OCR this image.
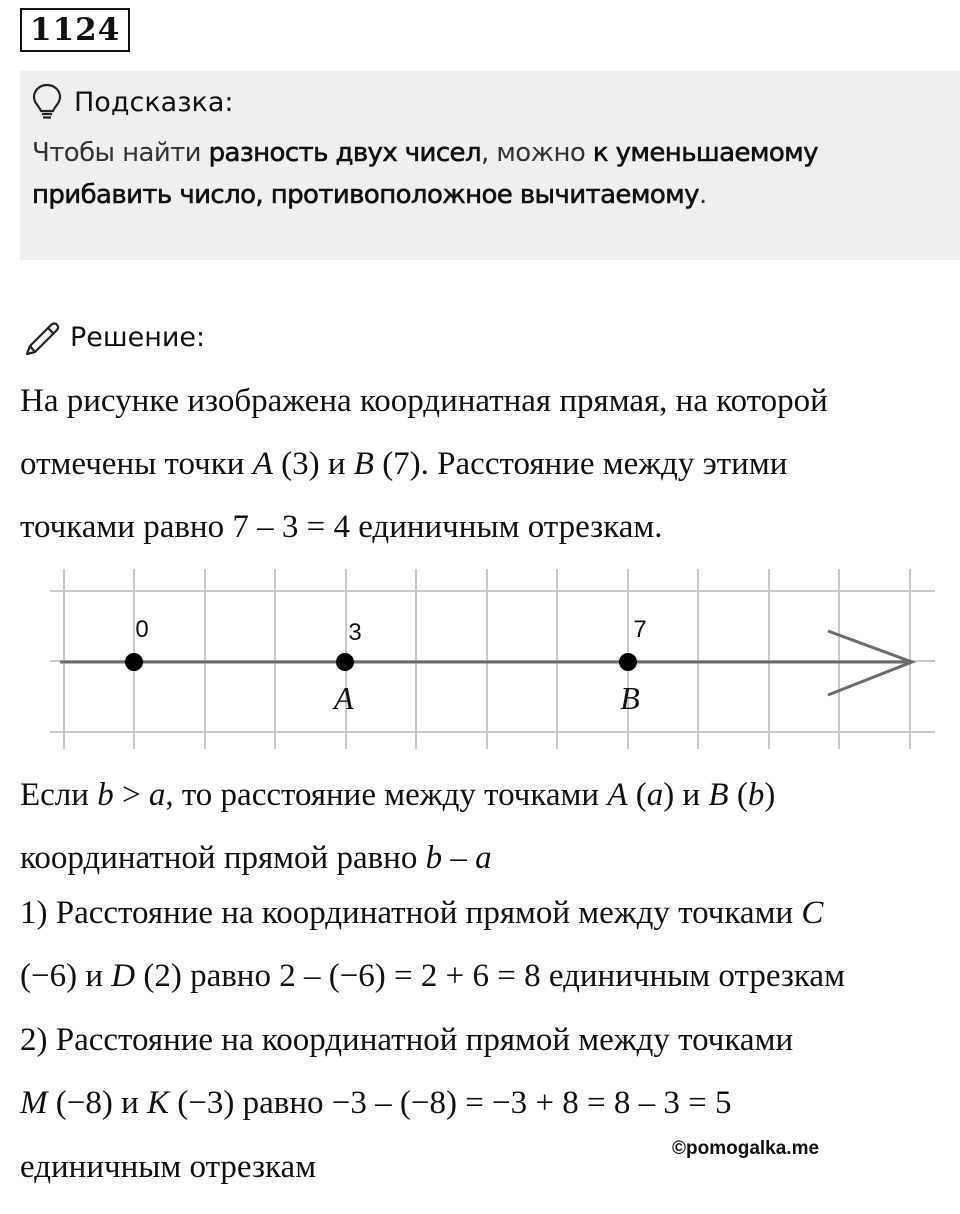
1124
Подсказка:
Чтобы найти разность двух чисел, можно к уменьшаемому
прибавить число, противоположное вычитаемому.
Решение:
На рисунке изображена координатная прямая, на которой
отмечены точки A (3) и B (7). Расстояние между этими
точками равно 7 – 3 = 4 единичным отрезкам.
0	3	7
A	B
Если b > a, то расстояние между точками A (a) и B (b)
координатной прямой равно b – a
1) Расстояние на координатной прямой между точками C
(−6) и D (2) равно 2 – (−6) = 2 + 6 = 8 единичным отрезкам
2) Расстояние на координатной прямой между точками
M (−8) и K (−3) равно −3 – (−8) = −3 + 8 = 8 – 3 = 5
единичным отрезкам
©pomogalka.me
